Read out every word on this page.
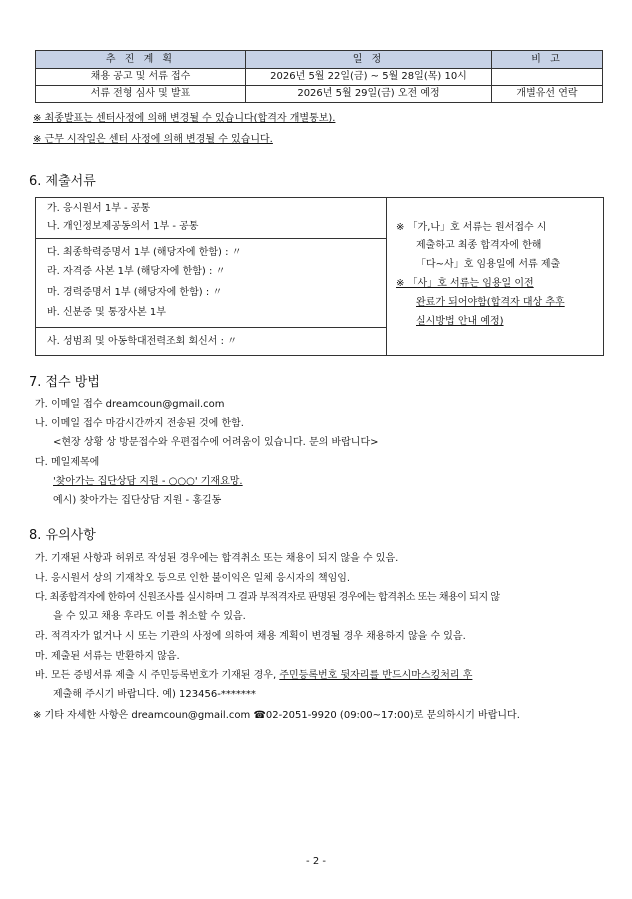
추 진 계 획	일 정	비 고
채용 공고 및 서류 접수	2026년 5월 22일(금) ~ 5월 28일(목) 10시	
서류 전형 심사 및 발표	2026년 5월 29일(금) 오전 예정	개별유선 연락
※ 최종발표는 센터사정에 의해 변경될 수 있습니다(합격자 개별통보).
※ 근무 시작일은 센터 사정에 의해 변경될 수 있습니다.
6. 제출서류
가. 응시원서 1부 - 공통
나. 개인정보제공동의서 1부 - 공통
다. 최종학력증명서 1부 (해당자에 한함) : 〃
라. 자격증 사본 1부 (해당자에 한함) : 〃
마. 경력증명서 1부 (해당자에 한함) : 〃
바. 신분증 및 통장사본 1부
사. 성범죄 및 아동학대전력조회 회신서 : 〃
※ 「가,나」호 서류는 원서접수 시
제출하고 최종 합격자에 한해
「다~사」호 임용일에 서류 제출
※ 「사」호 서류는 임용일 이전
완료가 되어야함(합격자 대상 추후
실시방법 안내 예정)
7. 접수 방법
가. 이메일 접수 dreamcoun@gmail.com
나. 이메일 접수 마감시간까지 전송된 것에 한함.
<현장 상황 상 방문접수와 우편접수에 어려움이 있습니다. 문의 바랍니다>
다. 메일제목에
'찾아가는 집단상담 지원 - ○○○' 기재요망.
예시) 찾아가는 집단상담 지원 - 홍길동
8. 유의사항
가. 기재된 사항과 허위로 작성된 경우에는 합격취소 또는 채용이 되지 않을 수 있음.
나. 응시원서 상의 기재착오 등으로 인한 불이익은 일체 응시자의 책임임.
다. 최종합격자에 한하여 신원조사를 실시하며 그 결과 부적격자로 판명된 경우에는 합격취소 또는 채용이 되지 않
을 수 있고 채용 후라도 이를 취소할 수 있음.
라. 적격자가 없거나 시 또는 기관의 사정에 의하여 채용 계획이 변경될 경우 채용하지 않을 수 있음.
마. 제출된 서류는 반환하지 않음.
바. 모든 증빙서류 제출 시 주민등록번호가 기재된 경우, 주민등록번호 뒷자리를 반드시마스킹처리 후
제출해 주시기 바랍니다. 예) 123456-*******
※ 기타 자세한 사항은 dreamcoun@gmail.com ☎02-2051-9920 (09:00~17:00)로 문의하시기 바랍니다.
- 2 -
